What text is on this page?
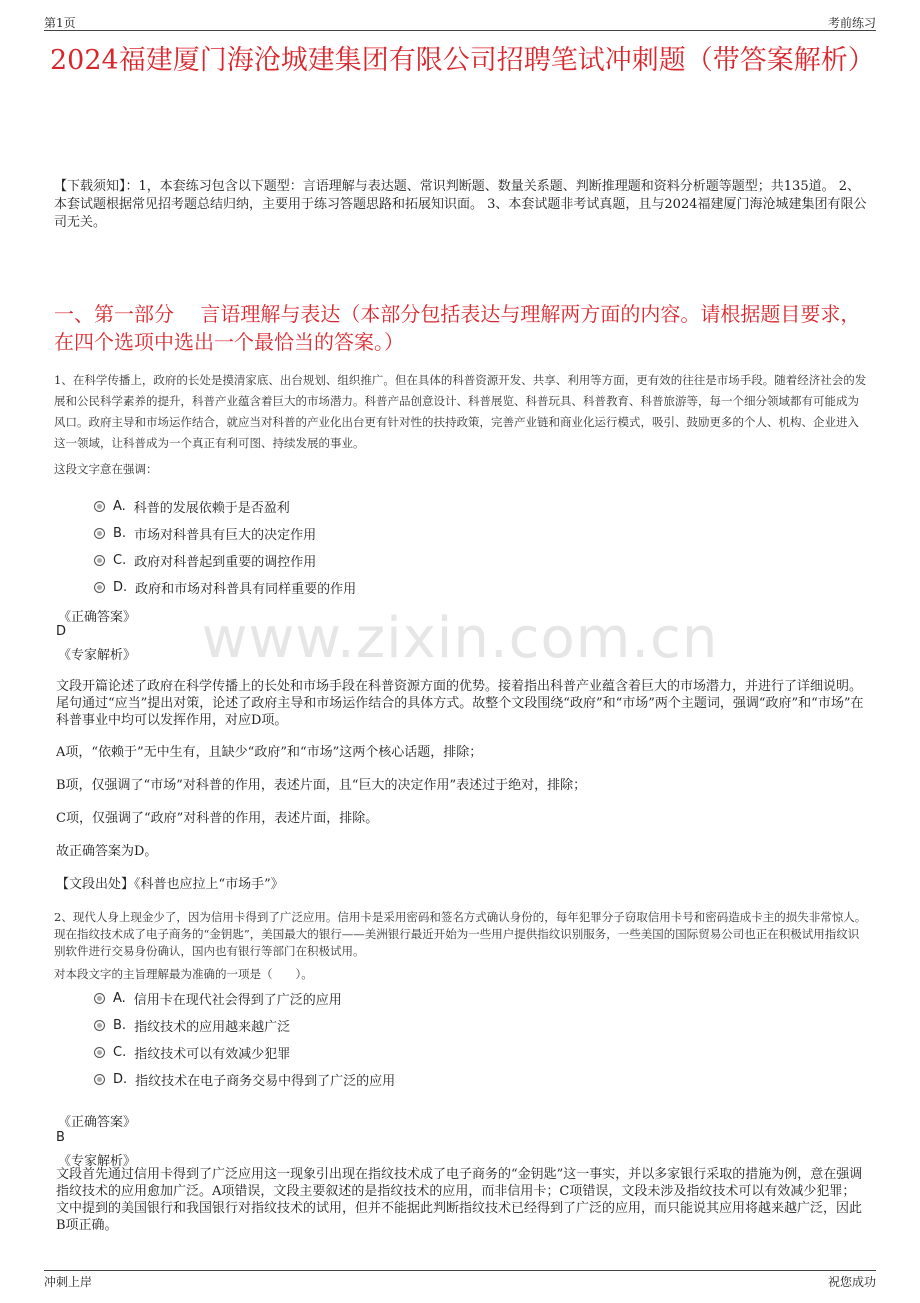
第1页	考前练习
2024福建厦门海沧城建集团有限公司招聘笔试冲刺题（带答案解析）
【下载须知】：1，本套练习包含以下题型：言语理解与表达题、常识判断题、数量关系题、判断推理题和资料分析题等题型；共135道。 2、本套试题根据常见招考题总结归纳，主要用于练习答题思路和拓展知识面。 3、本套试题非考试真题，且与2024福建厦门海沧城建集团有限公司无关。
一、第一部分　 言语理解与表达（本部分包括表达与理解两方面的内容。请根据题目要求，在四个选项中选出一个最恰当的答案。）
1、在科学传播上，政府的长处是摸清家底、出台规划、组织推广。但在具体的科普资源开发、共享、利用等方面，更有效的往往是市场手段。随着经济社会的发展和公民科学素养的提升，科普产业蕴含着巨大的市场潜力。科普产品创意设计、科普展览、科普玩具、科普教育、科普旅游等，每一个细分领域都有可能成为风口。政府主导和市场运作结合，就应当对科普的产业化出台更有针对性的扶持政策，完善产业链和商业化运行模式，吸引、鼓励更多的个人、机构、企业进入这一领域，让科普成为一个真正有利可图、持续发展的事业。
这段文字意在强调：
A. 科普的发展依赖于是否盈利
B. 市场对科普具有巨大的决定作用
C. 政府对科普起到重要的调控作用
D. 政府和市场对科普具有同样重要的作用
《正确答案》
D
《专家解析》	www.zixin.com.cn
文段开篇论述了政府在科学传播上的长处和市场手段在科普资源方面的优势。接着指出科普产业蕴含着巨大的市场潜力，并进行了详细说明。尾句通过“应当”提出对策，论述了政府主导和市场运作结合的具体方式。故整个文段围绕“政府”和“市场”两个主题词，强调“政府”和“市场”在科普事业中均可以发挥作用，对应D项。
A项，“依赖于”无中生有，且缺少“政府”和“市场”这两个核心话题，排除；
B项，仅强调了“市场”对科普的作用，表述片面，且“巨大的决定作用”表述过于绝对，排除；
C项，仅强调了“政府”对科普的作用，表述片面，排除。
故正确答案为D。
【文段出处】《科普也应拉上“市场手”》
2、现代人身上现金少了，因为信用卡得到了广泛应用。信用卡是采用密码和签名方式确认身份的，每年犯罪分子窃取信用卡号和密码造成卡主的损失非常惊人。现在指纹技术成了电子商务的“金钥匙”，美国最大的银行——美洲银行最近开始为一些用户提供指纹识别服务，一些美国的国际贸易公司也正在积极试用指纹识别软件进行交易身份确认，国内也有银行等部门在积极试用。
对本段文字的主旨理解最为准确的一项是（　　）。
A. 信用卡在现代社会得到了广泛的应用
B. 指纹技术的应用越来越广泛
C. 指纹技术可以有效减少犯罪
D. 指纹技术在电子商务交易中得到了广泛的应用
《正确答案》
B
《专家解析》
文段首先通过信用卡得到了广泛应用这一现象引出现在指纹技术成了电子商务的“金钥匙”这一事实，并以多家银行采取的措施为例，意在强调指纹技术的应用愈加广泛。A项错误，文段主要叙述的是指纹技术的应用，而非信用卡；C项错误，文段未涉及指纹技术可以有效减少犯罪；文中提到的美国银行和我国银行对指纹技术的试用，但并不能据此判断指纹技术已经得到了广泛的应用，而只能说其应用将越来越广泛，因此B项正确。
冲刺上岸	祝您成功
